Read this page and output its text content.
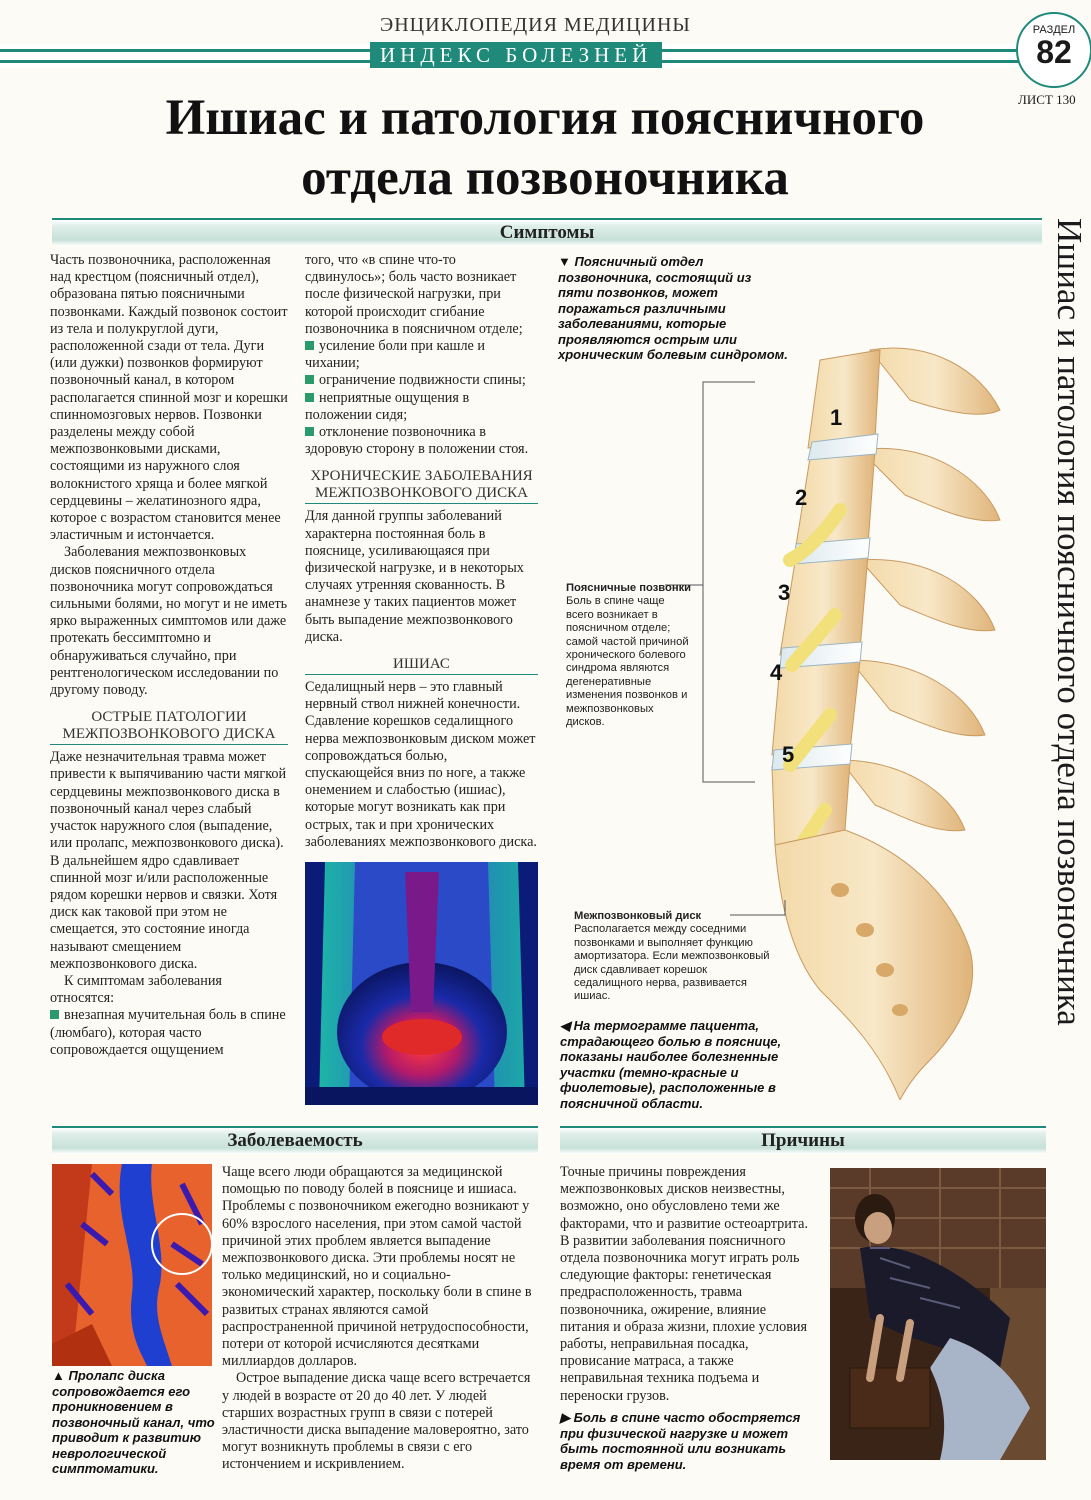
ЭНЦИКЛОПЕДИЯ МЕДИЦИНЫ
ИНДЕКС БОЛЕЗНЕЙ
РАЗДЕЛ
82
ЛИСТ 130
Ишиас и патология поясничного
отдела позвоночника
Ишиас и патология поясничного отдела позвоночника
Симптомы

Часть позвоночника, расположенная над крестцом (поясничный отдел), образована пятью поясничными позвонками. Каждый позвонок состоит из тела и полукруглой дуги, расположенной сзади от тела. Дуги (или дужки) позвонков формируют позвоночный канал, в котором располагается спинной мозг и корешки спинномозговых нервов. Позвонки разделены между собой межпозвонковыми дисками, состоящими из наружного слоя волокнистого хряща и более мягкой сердцевины – желатинозного ядра, которое с возрастом становится менее эластичным и истончается.

Заболевания межпозвонковых дисков поясничного отдела позвоночника могут сопровождаться сильными болями, но могут и не иметь ярко выраженных симптомов или даже протекать бессимптомно и обнаруживаться случайно, при рентгенологическом исследовании по другому поводу.

ОСТРЫЕ ПАТОЛОГИИ МЕЖПОЗВОНКОВОГО ДИСКА

Даже незначительная травма может привести к выпячиванию части мягкой сердцевины межпозвонкового диска в позвоночный канал через слабый участок наружного слоя (выпадение, или пролапс, межпозвонкового диска). В дальнейшем ядро сдавливает спинной мозг и/или расположенные рядом корешки нервов и связки. Хотя диск как таковой при этом не смещается, это состояние иногда называют смещением межпозвонкового диска.

К симптомам заболевания относятся:

внезапная мучительная боль в спине (люмбаго), которая часто сопровождается ощущением

того, что «в спине что-то сдвинулось»; боль часто возникает после физической нагрузки, при которой происходит сгибание позвоночника в поясничном отделе;

усиление боли при кашле и чихании;
ограничение подвижности спины;
неприятные ощущения в положении сидя;
отклонение позвоночника в здоровую сторону в положении стоя.
ХРОНИЧЕСКИЕ ЗАБОЛЕВАНИЯ МЕЖПОЗВОНКОВОГО ДИСКА

Для данной группы заболеваний характерна постоянная боль в пояснице, усиливающаяся при физической нагрузке, и в некоторых случаях утренняя скованность. В анамнезе у таких пациентов может быть выпадение межпозвонкового диска.

ИШИАС

Седалищный нерв – это главный нервный ствол нижней конечности. Сдавление корешков седалищного нерва межпозвонковым диском может сопровождаться болью, спускающейся вниз по ноге, а также онемением и слабостью (ишиас), которые могут возникать как при острых, так и при хронических заболеваниях межпозвонкового диска.

1
2
3
4
5
▼ Поясничный отдел позвоночника, состоящий из пяти позвонков, может поражаться различными заболеваниями, которые проявляются острым или хроническим болевым синдромом.
Поясничные позвонки
Боль в спине чаще всего возникает в поясничном отделе; самой частой причиной хронического болевого синдрома являются дегенеративные изменения позвонков и межпозвонковых дисков.
Межпозвонковый диск
Располагается между соседними позвонками и выполняет функцию амортизатора. Если межпозвонковый диск сдавливает корешок седалищного нерва, развивается ишиас.
◀ На термограмме пациента, страдающего болью в пояснице, показаны наиболее болезненные участки (темно-красные и фиолетовые), расположенные в поясничной области.
Заболеваемость
▲ Пролапс диска сопровождается его проникновением в позвоночный канал, что приводит к развитию неврологической симптоматики.

Чаще всего люди обращаются за медицинской помощью по поводу болей в пояснице и ишиаса. Проблемы с позвоночником ежегодно возникают у 60% взрослого населения, при этом самой частой причиной этих проблем является выпадение межпозвонкового диска. Эти проблемы носят не только медицинский, но и социально-экономический характер, поскольку боли в спине в развитых странах являются самой распространенной причиной нетрудоспособности, потери от которой исчисляются десятками миллиардов долларов.

Острое выпадение диска чаще всего встречается у людей в возрасте от 20 до 40 лет. У людей старших возрастных групп в связи с потерей эластичности диска выпадение маловероятно, зато могут возникнуть проблемы в связи с его истончением и искривлением.

Причины

Точные причины повреждения межпозвонковых дисков неизвестны, возможно, оно обусловлено теми же факторами, что и развитие остеоартрита. В развитии заболевания поясничного отдела позвоночника могут играть роль следующие факторы: генетическая предрасположенность, травма позвоночника, ожирение, влияние питания и образа жизни, плохие условия работы, неправильная посадка, провисание матраса, а также неправильная техника подъема и переноски грузов.

▶ Боль в спине часто обостряется при физической нагрузке и может быть постоянной или возникать время от времени.
